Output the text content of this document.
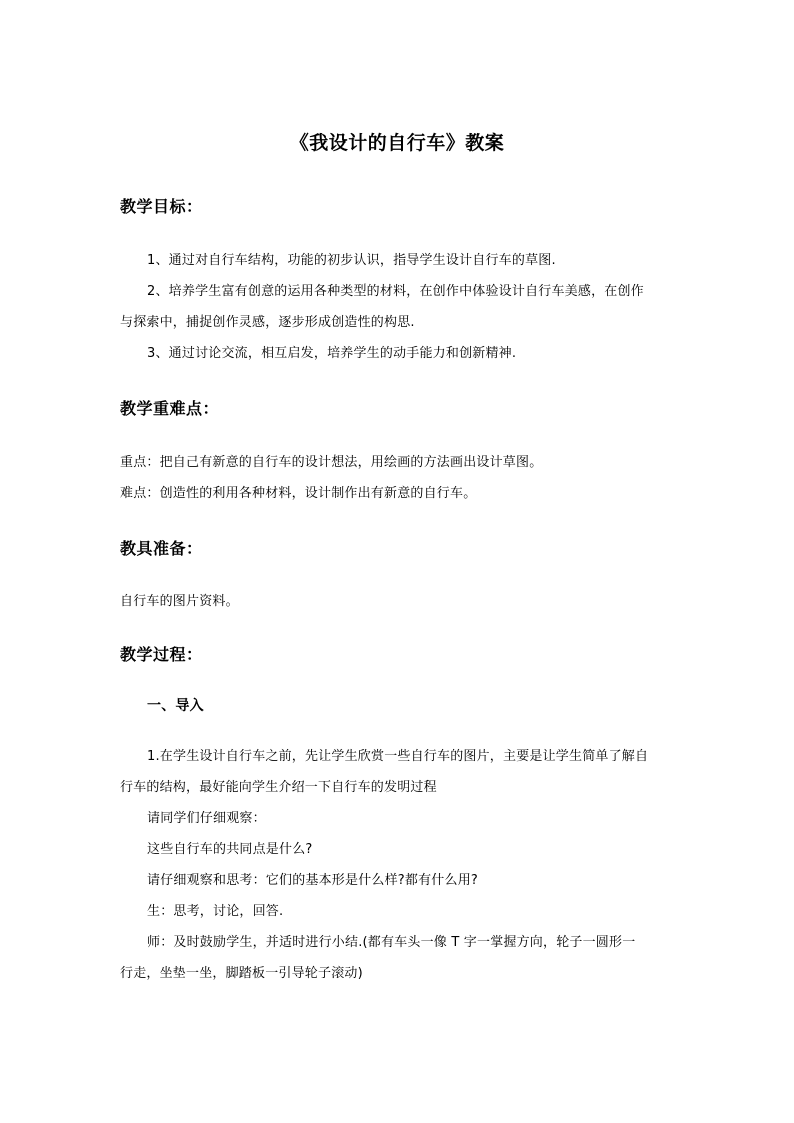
《我设计的自行车》教案
教学目标：
1、通过对自行车结构，功能的初步认识，指导学生设计自行车的草图.
2、培养学生富有创意的运用各种类型的材料，在创作中体验设计自行车美感，在创作
与探索中，捕捉创作灵感，逐步形成创造性的构思.
3、通过讨论交流，相互启发，培养学生的动手能力和创新精神.
教学重难点：
重点：把自己有新意的自行车的设计想法，用绘画的方法画出设计草图。
难点：创造性的利用各种材料，设计制作出有新意的自行车。
教具准备：
自行车的图片资料。
教学过程：
一、导入
1.在学生设计自行车之前，先让学生欣赏一些自行车的图片，主要是让学生简单了解自
行车的结构，最好能向学生介绍一下自行车的发明过程
请同学们仔细观察：
这些自行车的共同点是什么?
请仔细观察和思考：它们的基本形是什么样?都有什么用?
生：思考，讨论，回答.
师：及时鼓励学生，并适时进行小结.(都有车头一像 T 字一掌握方向，轮子一圆形一
行走，坐垫一坐，脚踏板一引导轮子滚动)
